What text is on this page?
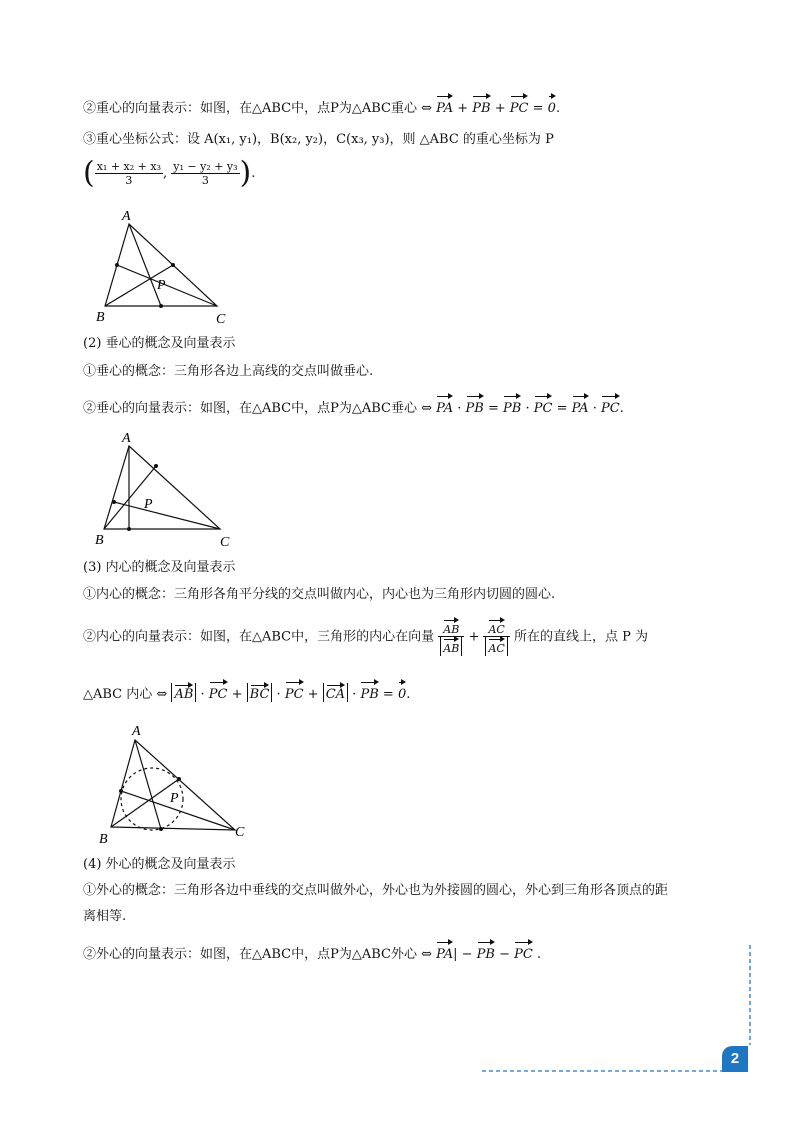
②重心的向量表示：如图，在△ABC中，点P为△ABC重心 ⇔ PA + PB + PC = 0.
③重心坐标公式：设 A(x₁, y₁)，B(x₂, y₂)，C(x₃, y₃)，则 △ABC 的重心坐标为 P
( $\frac{\text{x₁ + x₂ + x₃}}{3}$ , $\frac{\text{y₁ − y₂ + y₃}}{3}$ ).
A
B	C
P
(2) 垂心的概念及向量表示
①垂心的概念：三角形各边上高线的交点叫做垂心.
②垂心的向量表示：如图，在△ABC中，点P为△ABC垂心 ⇔ PA · PB = PB · PC = PA · PC.
A
B	C
P
(3) 内心的概念及向量表示
①内心的概念：三角形各角平分线的交点叫做内心，内心也为三角形内切圆的圆心.
②内心的向量表示：如图，在△ABC中，三角形的内心在向量 $\frac{AB}{AB} + \frac{AC}{AC}$ 所在的直线上，点 P 为
△ABC 内心 ⇔ AB · PC + BC · PC + CA · PB = 0.
A
B	C
P
(4) 外心的概念及向量表示
①外心的概念：三角形各边中垂线的交点叫做外心，外心也为外接圆的圆心，外心到三角形各顶点的距
离相等.
②外心的向量表示：如图，在△ABC中，点P为△ABC外心 ⇔ PA| − PB − PC .
2
